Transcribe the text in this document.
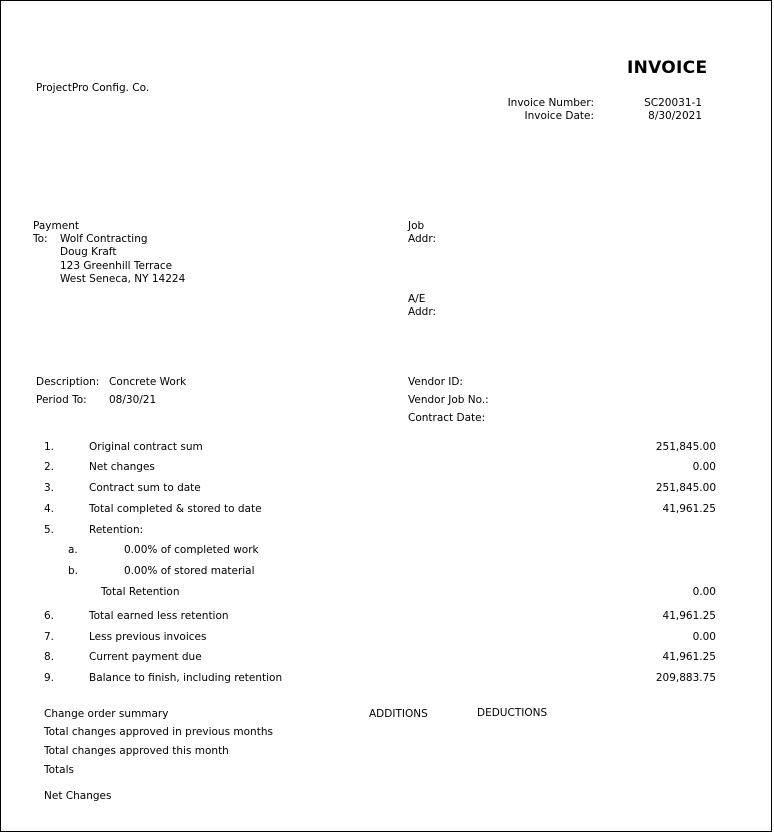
INVOICE
ProjectPro Config. Co.
Invoice Number:	SC20031-1
Invoice Date:	8/30/2021
Payment
To: Wolf Contracting
Doug Kraft
123 Greenhill Terrace
West Seneca, NY 14224
Job
Addr:
A/E
Addr:
Description: Concrete Work
Period To: 08/30/21
Vendor ID:
Vendor Job No.:
Contract Date:
1.	Original contract sum	251,845.00
2.	Net changes	0.00
3.	Contract sum to date	251,845.00
4.	Total completed & stored to date	41,961.25
5.	Retention:
a.	0.00% of completed work
b.	0.00% of stored material
Total Retention	0.00
6.	Total earned less retention	41,961.25
7.	Less previous invoices	0.00
8.	Current payment due	41,961.25
9.	Balance to finish, including retention	209,883.75
Change order summary	ADDITIONS	DEDUCTIONS
Total changes approved in previous months
Total changes approved this month
Totals
Net Changes
